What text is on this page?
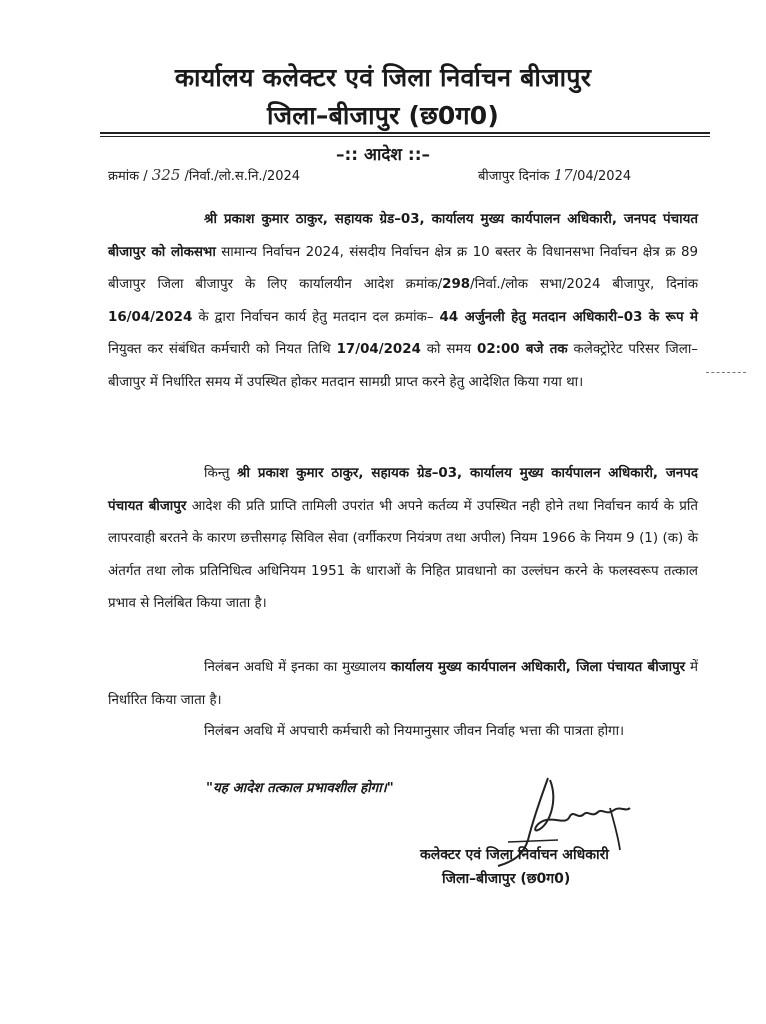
कार्यालय कलेक्टर एवं जिला निर्वाचन बीजापुर
जिला–बीजापुर (छ0ग0)
–:: आदेश ::–
क्रमांक / 325 /निर्वा./लो.स.नि./2024	बीजापुर दिनांक 17/04/2024
श्री प्रकाश कुमार ठाकुर, सहायक ग्रेड–03, कार्यालय मुख्य कार्यपालन अधिकारी, जनपद पंचायत बीजापुर को लोकसभा सामान्य निर्वाचन 2024, संसदीय निर्वाचन क्षेत्र क्र 10 बस्तर के विधानसभा निर्वाचन क्षेत्र क्र 89 बीजापुर जिला बीजापुर के लिए कार्यालयीन आदेश क्रमांक/298/निर्वा./लोक सभा/2024 बीजापुर, दिनांक 16/04/2024 के द्वारा निर्वाचन कार्य हेतु मतदान दल क्रमांक– 44 अर्जुनली हेतु मतदान अधिकारी–03 के रूप मे नियुक्त कर संबंधित कर्मचारी को नियत तिथि 17/04/2024 को समय 02:00 बजे तक कलेक्ट्रोरेट परिसर जिला–बीजापुर में निर्धारित समय में उपस्थित होकर मतदान सामग्री प्राप्त करने हेतु आदेशित किया गया था।
किन्तु श्री प्रकाश कुमार ठाकुर, सहायक ग्रेड–03, कार्यालय मुख्य कार्यपालन अधिकारी, जनपद पंचायत बीजापुर आदेश की प्रति प्राप्ति तामिली उपरांत भी अपने कर्तव्य में उपस्थित नही होने तथा निर्वाचन कार्य के प्रति लापरवाही बरतने के कारण छत्तीसगढ़ सिविल सेवा (वर्गीकरण नियंत्रण तथा अपील) नियम 1966 के नियम 9 (1) (क) के अंतर्गत तथा लोक प्रतिनिधित्व अधिनियम 1951 के धाराओं के निहित प्रावधानो का उल्लंघन करने के फलस्वरूप तत्काल प्रभाव से निलंबित किया जाता है।
निलंबन अवधि में इनका का मुख्यालय कार्यालय मुख्य कार्यपालन अधिकारी, जिला पंचायत बीजापुर में निर्धारित किया जाता है।
निलंबन अवधि में अपचारी कर्मचारी को नियमानुसार जीवन निर्वाह भत्ता की पात्रता होगा।
"यह आदेश तत्काल प्रभावशील होगा।"
कलेक्टर एवं जिला निर्वाचन अधिकारी
जिला–बीजापुर (छ0ग0)
